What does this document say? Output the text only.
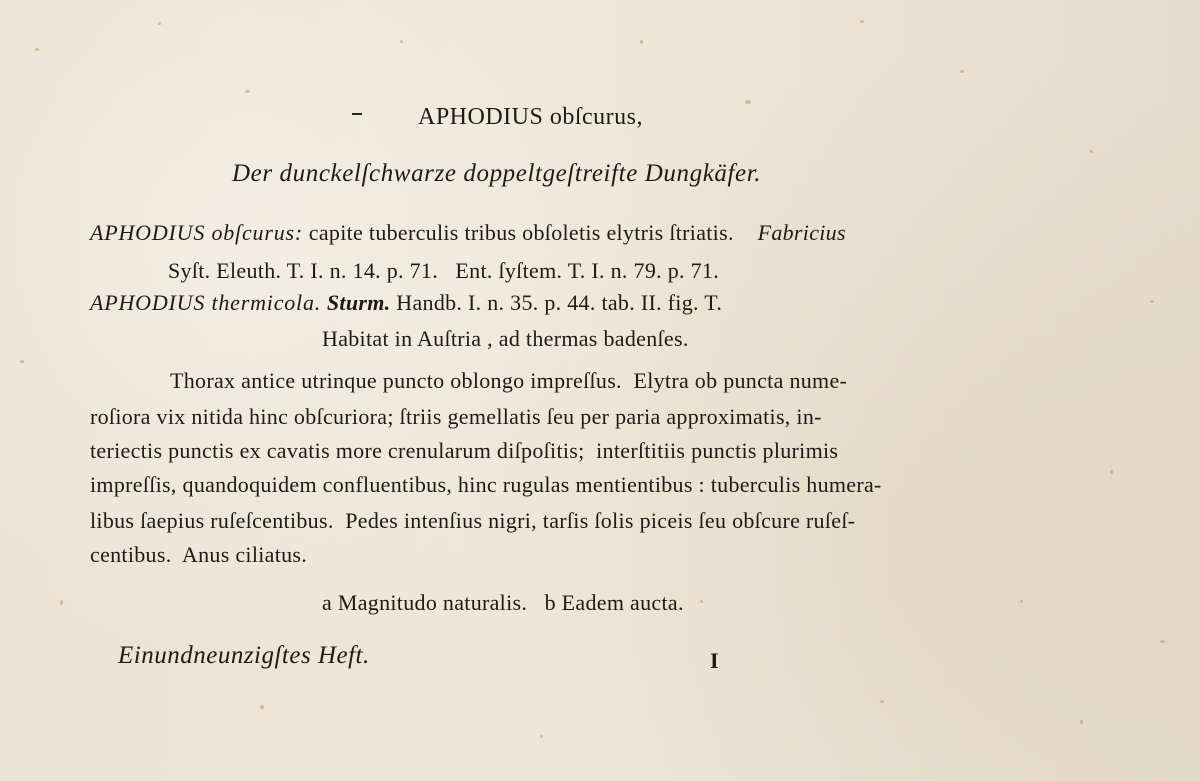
APHODIUS obſcurus,
Der dunckelſchwarze doppeltgeſtreifte Dungkäfer.
APHODIUS obſcurus: capite tuberculis tribus obſoletis elytris ſtriatis. Fabricius
Syſt. Eleuth. T. I. n. 14. p. 71.   Ent. ſyſtem. T. I. n. 79. p. 71.
APHODIUS thermicola. Sturm. Handb. I. n. 35. p. 44. tab. II. fig. T.
Habitat in Auſtria , ad thermas badenſes.
Thorax antice utrinque puncto oblongo impreſſus.  Elytra ob puncta nume-
roſiora vix nitida hinc obſcuriora; ſtriis gemellatis ſeu per paria approximatis, in-
teriectis punctis ex cavatis more crenularum diſpoſitis;  interſtitiis punctis plurimis
impreſſis, quandoquidem confluentibus, hinc rugulas mentientibus : tuberculis humera-
libus ſaepius ruſeſcentibus.  Pedes intenſius nigri, tarſis ſolis piceis ſeu obſcure ruſeſ-
centibus.  Anus ciliatus.
a Magnitudo naturalis.   b Eadem aucta.
Einundneunzigſtes Heft.	I
